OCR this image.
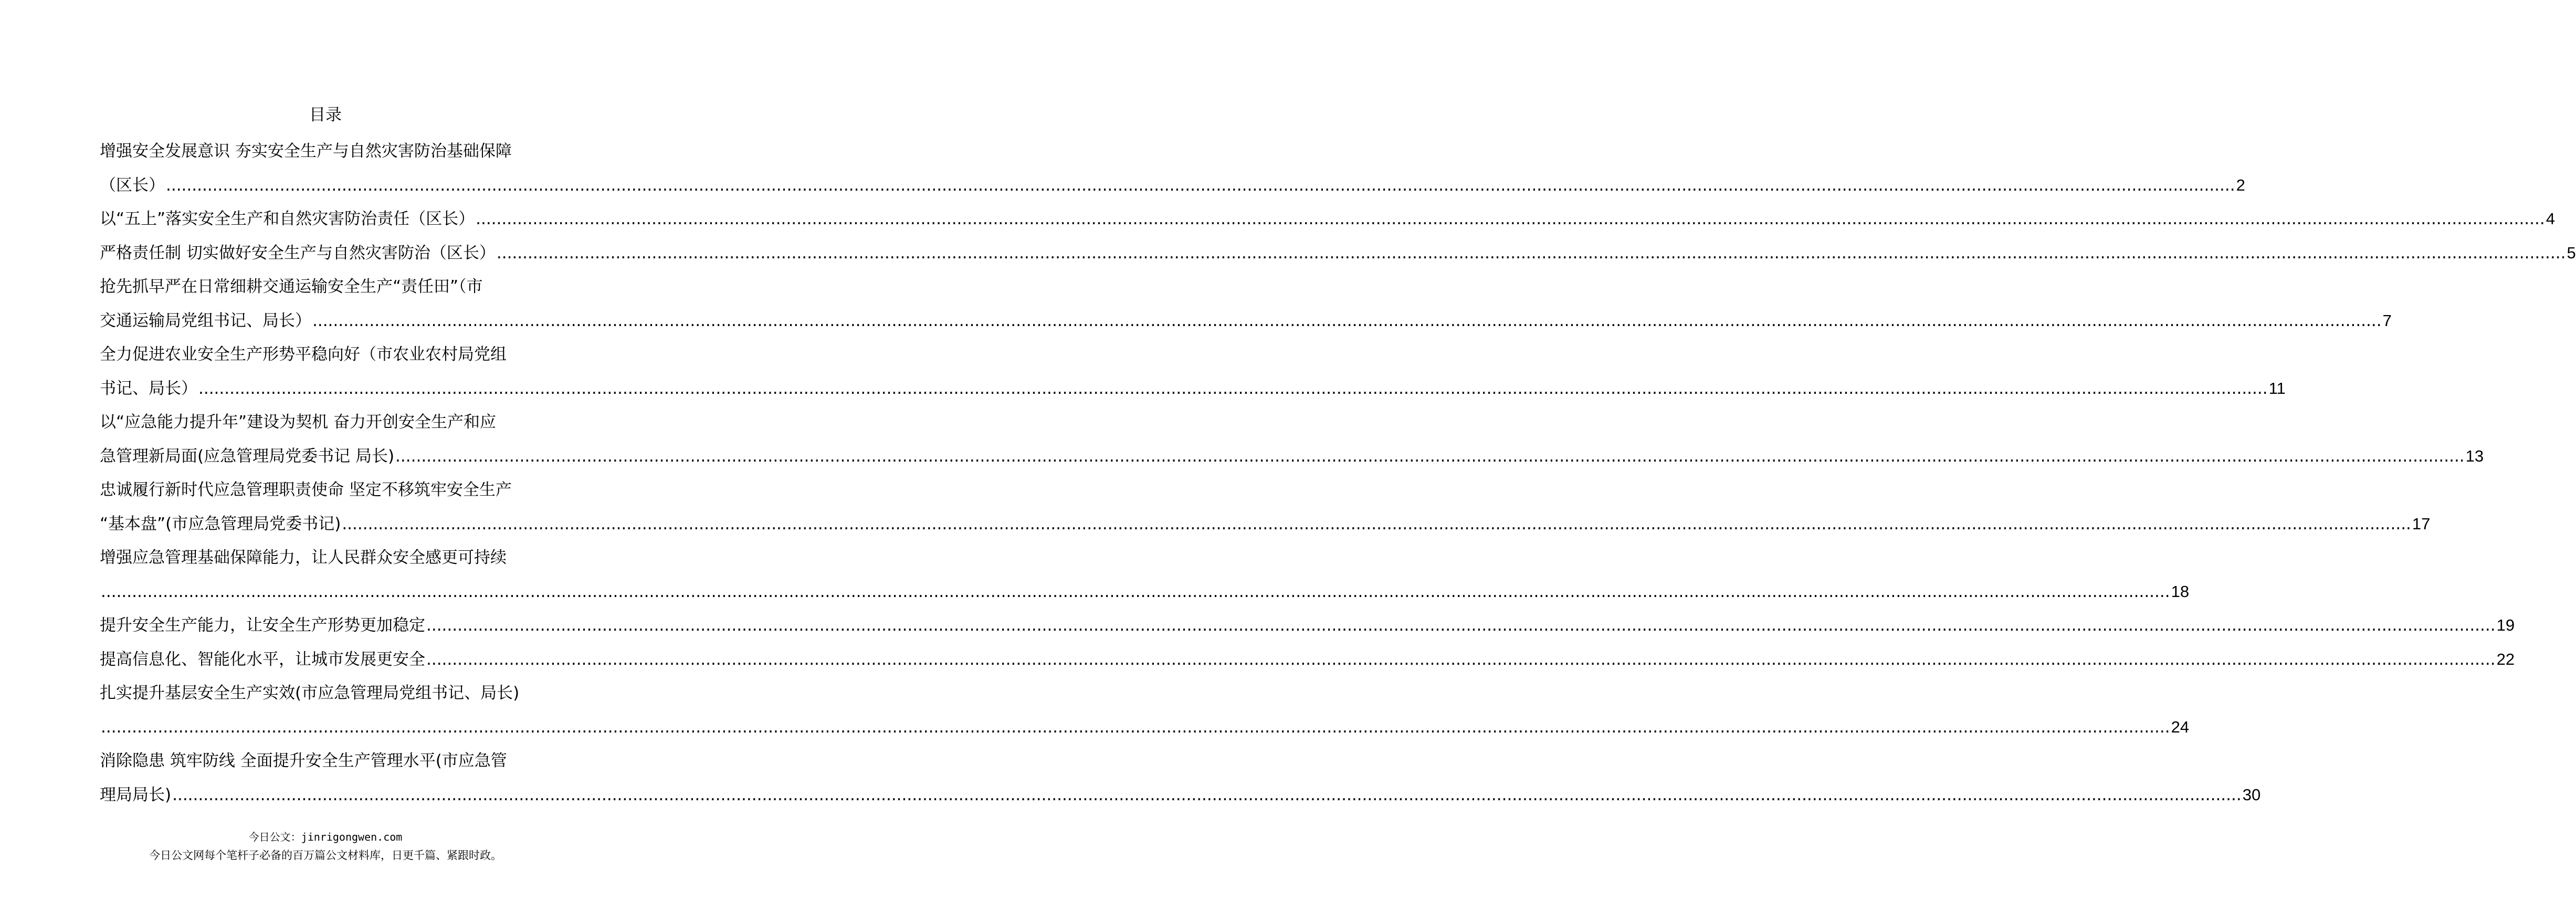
目录
增强安全发展意识 夯实安全生产与自然灾害防治基础保障
（区长） ................................................................................................................................................................................................................................................................................................................................................................................................................ 2
以“五上”落实安全生产和自然灾害防治责任（区长） ................................................................................................................................................................................................................................................................................................................................................................................................................ 4
严格责任制 切实做好安全生产与自然灾害防治（区长） ................................................................................................................................................................................................................................................................................................................................................................................................................ 5
抢先抓早严在日常细耕交通运输安全生产“责任田”（市
交通运输局党组书记、局长） ................................................................................................................................................................................................................................................................................................................................................................................................................ 7
全力促进农业安全生产形势平稳向好（市农业农村局党组
书记、局长） ................................................................................................................................................................................................................................................................................................................................................................................................................ 11
以“应急能力提升年”建设为契机 奋力开创安全生产和应
急管理新局面(应急管理局党委书记 局长) ................................................................................................................................................................................................................................................................................................................................................................................................................ 13
忠诚履行新时代应急管理职责使命 坚定不移筑牢安全生产
“基本盘”(市应急管理局党委书记) ................................................................................................................................................................................................................................................................................................................................................................................................................ 17
增强应急管理基础保障能力，让人民群众安全感更可持续
................................................................................................................................................................................................................................................................................................................................................................................................................ 18
提升安全生产能力，让安全生产形势更加稳定 ................................................................................................................................................................................................................................................................................................................................................................................................................ 19
提高信息化、智能化水平，让城市发展更安全 ................................................................................................................................................................................................................................................................................................................................................................................................................ 22
扎实提升基层安全生产实效(市应急管理局党组书记、局长)
................................................................................................................................................................................................................................................................................................................................................................................................................ 24
消除隐患 筑牢防线 全面提升安全生产管理水平(市应急管
理局局长) ................................................................................................................................................................................................................................................................................................................................................................................................................ 30
今日公文：jinrigongwen.com
今日公文网每个笔杆子必备的百万篇公文材料库，日更千篇、紧跟时政。
